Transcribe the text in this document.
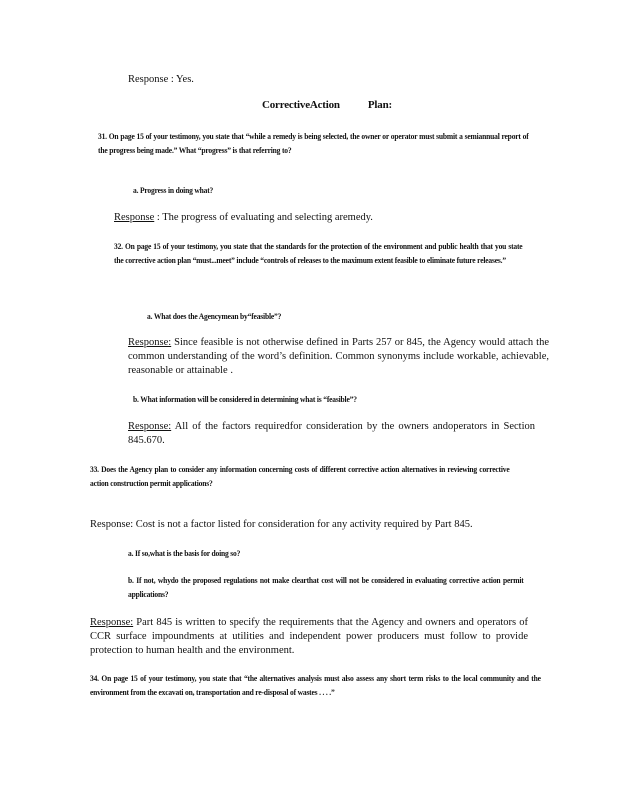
Response : Yes.

CorrectiveAction           Plan:

31. On page 15 of your testimony, you state that “while a remedy is being selected, the owner or operator must submit a semiannual report of the progress being made.” What “progress” is that referring to?

a. Progress in doing what?

Response : The progress of evaluating and selecting aremedy.

32. On page 15 of your testimony, you state that the standards for the protection of the environment and public health that you state the corrective action plan “must...meet” include “controls of releases to the maximum extent feasible to eliminate future releases.”

a. What does the Agencymean by“feasible”?

Response: Since feasible is not otherwise defined in Parts 257 or 845, the Agency would attach the common understanding of the word’s definition. Common synonyms include workable, achievable, reasonable or attainable .

b. What information will be considered in determining what is “feasible”?

Response: All of the factors requiredfor consideration by the owners andoperators in Section 845.670.

33. Does the Agency plan to consider any information concerning costs of different corrective action alternatives in reviewing corrective action construction permit applications?

Response: Cost is not a factor listed for consideration for any activity required by Part 845.

a. If so,what is the basis for doing so?

b. If not, whydo the proposed regulations not make clearthat cost will not be considered in evaluating corrective action permit applications?

Response: Part 845 is written to specify the requirements that the Agency and owners and operators of CCR surface impoundments at utilities and independent power producers must follow to provide protection to human health and the environment.

34. On page 15 of your testimony, you state that “the alternatives analysis must also assess any short term risks to the local community and the environment from the excavati on, transportation and re-disposal of wastes . . . .”
